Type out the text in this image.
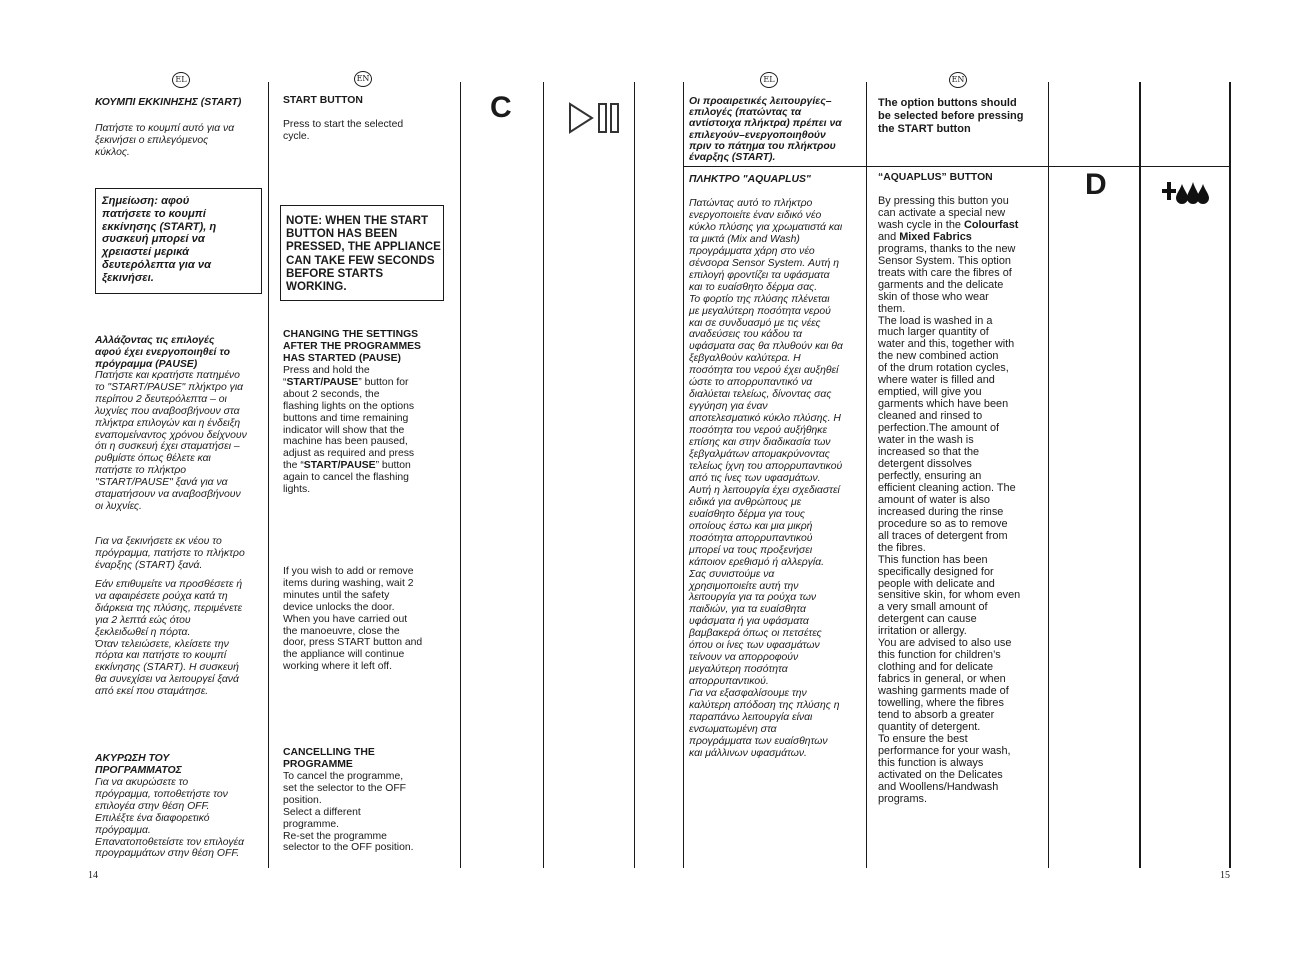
EL	EN
ΚΟΥΜΠΙ ΕΚΚΙΝΗΣΗΣ (START)
Πατήστε το κουμπί αυτό για να
ξεκινήσει ο επιλεγόμενος
κύκλος.
Σημείωση: αφού
πατήσετε το κουμπί
εκκίνησης (START), η
συσκευή μπορεί να
χρειαστεί μερικά
δευτερόλεπτα για να
ξεκινήσει.
Αλλάζοντας τις επιλογές
αφού έχει ενεργοποιηθεί το
πρόγραμμα (PAUSE)
Πατήστε και κρατήστε πατημένο
το "START/PAUSE" πλήκτρο για
περίπου 2 δευτερόλεπτα – οι
λυχνίες που αναβοσβήνουν στα
πλήκτρα επιλογών και η ένδειξη
εναπομείναντος χρόνου δείχνουν
ότι η συσκευή έχει σταματήσει –
ρυθμίστε όπως θέλετε και
πατήστε το πλήκτρο
"START/PAUSE" ξανά για να
σταματήσουν να αναβοσβήνουν
οι λυχνίες.
Για να ξεκινήσετε εκ νέου το
πρόγραμμα, πατήστε το πλήκτρο
έναρξης (START) ξανά.
Εάν επιθυμείτε να προσθέσετε ή
να αφαιρέσετε ρούχα κατά τη
διάρκεια της πλύσης, περιμένετε
για 2 λεπτά εώς ότου
ξεκλειδωθεί η πόρτα.
Όταν τελειώσετε, κλείσετε την
πόρτα και πατήστε το κουμπί
εκκίνησης (START). Η συσκευή
θα συνεχίσει να λειτουργεί ξανά
από εκεί που σταμάτησε.
ΑΚΥΡΩΣΗ ΤΟΥ
ΠΡΟΓΡΑΜΜΑΤΟΣ
Για να ακυρώσετε το
πρόγραμμα, τοποθετήστε τον
επιλογέα στην θέση OFF.
Επιλέξτε ένα διαφορετικό
πρόγραμμα.
Επανατοποθετείστε τον επιλογέα
προγραμμάτων στην θέση OFF.
START BUTTON
Press to start the selected
cycle.
NOTE: WHEN THE START
BUTTON HAS BEEN
PRESSED, THE APPLIANCE
CAN TAKE FEW SECONDS
BEFORE STARTS
WORKING.
CHANGING THE SETTINGS
AFTER THE PROGRAMMES
HAS STARTED (PAUSE)
Press and hold the
“START/PAUSE” button for
about 2 seconds, the
flashing lights on the options
buttons and time remaining
indicator will show that the
machine has been paused,
adjust as required and press
the “START/PAUSE” button
again to cancel the flashing
lights.
If you wish to add or remove
items during washing, wait 2
minutes until the safety
device unlocks the door.
When you have carried out
the manoeuvre, close the
door, press START button and
the appliance will continue
working where it left off.
CANCELLING THE
PROGRAMME
To cancel the programme,
set the selector to the OFF
position.
Select a different
programme.
Re-set the programme
selector to the OFF position.
C
14
EL	EN
Οι προαιρετικές λειτουργίες–
επιλογές (πατώντας τα
αντίστοιχα πλήκτρα) πρέπει να
επιλεγούν–ενεργοποιηθούν
πριν το πάτημα του πλήκτρου
έναρξης (START).
ΠΛΗΚΤΡΟ "AQUAPLUS"
Πατώντας αυτό το πλήκτρο
ενεργοποιείτε έναν ειδικό νέο
κύκλο πλύσης για χρωματιστά και
τα μικτά (Mix and Wash)
προγράμματα χάρη στο νέο
σένσορα Sensor System. Αυτή η
επιλογή φροντίζει τα υφάσματα
και το ευαίσθητο δέρμα σας.
Το φορτίο της πλύσης πλένεται
με μεγαλύτερη ποσότητα νερού
και σε συνδυασμό με τις νέες
αναδεύσεις του κάδου τα
υφάσματα σας θα πλυθούν και θα
ξεβγαλθούν καλύτερα. Η
ποσότητα του νερού έχει αυξηθεί
ώστε το απορρυπαντικό να
διαλύεται τελείως, δίνοντας σας
εγγύηση για έναν
αποτελεσματικό κύκλο πλύσης. Η
ποσότητα του νερού αυξήθηκε
επίσης και στην διαδικασία των
ξεβγαλμάτων απομακρύνοντας
τελείως ίχνη του απορρυπαντικού
από τις ίνες των υφασμάτων.
Αυτή η λειτουργία έχει σχεδιαστεί
ειδικά για ανθρώπους με
ευαίσθητο δέρμα για τους
οποίους έστω και μια μικρή
ποσότητα απορρυπαντικού
μπορεί να τους προξενήσει
κάποιον ερεθισμό ή αλλεργία.
Σας συνιστούμε να
χρησιμοποιείτε αυτή την
λειτουργία για τα ρούχα των
παιδιών, για τα ευαίσθητα
υφάσματα ή για υφάσματα
βαμβακερά όπως οι πετσέτες
όπου οι ίνες των υφασμάτων
τείνουν να απορροφούν
μεγαλύτερη ποσότητα
απορρυπαντικού.
Για να εξασφαλίσουμε την
καλύτερη απόδοση της πλύσης η
παραπάνω λειτουργία είναι
ενσωματωμένη στα
προγράμματα των ευαίσθητων
και μάλλινων υφασμάτων.
The option buttons should
be selected before pressing
the START button
“AQUAPLUS” BUTTON
By pressing this button you
can activate a special new
wash cycle in the Colourfast
and Mixed Fabrics
programs, thanks to the new
Sensor System. This option
treats with care the fibres of
garments and the delicate
skin of those who wear
them.
The load is washed in a
much larger quantity of
water and this, together with
the new combined action
of the drum rotation cycles,
where water is filled and
emptied, will give you
garments which have been
cleaned and rinsed to
perfection.The amount of
water in the wash is
increased so that the
detergent dissolves
perfectly, ensuring an
efficient cleaning action. The
amount of water is also
increased during the rinse
procedure so as to remove
all traces of detergent from
the fibres.
This function has been
specifically designed for
people with delicate and
sensitive skin, for whom even
a very small amount of
detergent can cause
irritation or allergy.
You are advised to also use
this function for children’s
clothing and for delicate
fabrics in general, or when
washing garments made of
towelling, where the fibres
tend to absorb a greater
quantity of detergent.
To ensure the best
performance for your wash,
this function is always
activated on the Delicates
and Woollens/Handwash
programs.
D
15
